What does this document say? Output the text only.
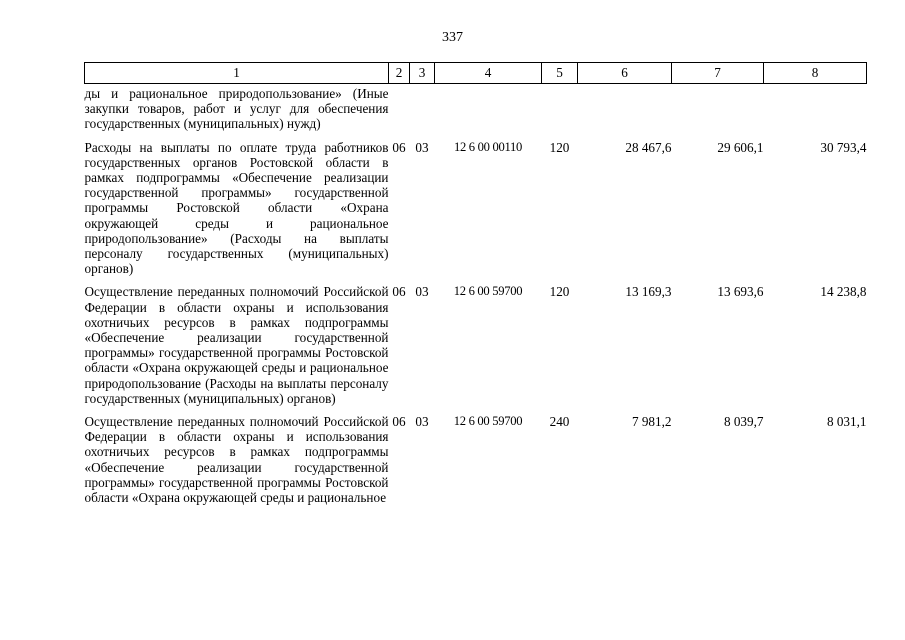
337
1	2	3	4	5	6	7	8
ды и рациональное природопользование» (Иные закупки товаров, работ и услуг для обеспечения государственных (муниципальных) нужд)							
Расходы на выплаты по оплате труда работников государственных органов Ростовской области в рамках подпрограммы «Обеспечение реализации государственной программы» государственной программы Ростовской области «Охрана окружающей среды и рациональное природопользование» (Расходы на выплаты персоналу государственных (муниципальных) органов)	06	03	12 6 00 00110	120	28 467,6	29 606,1	30 793,4
Осуществление переданных полномочий Российской Федерации в области охраны и использования охотничьих ресурсов в рамках подпрограммы «Обеспечение реализации государственной программы» государственной программы Ростовской области «Охрана окружающей среды и рациональное природопользование (Расходы на выплаты персоналу государственных (муниципальных) органов)	06	03	12 6 00 59700	120	13 169,3	13 693,6	14 238,8
Осуществление переданных полномочий Российской Федерации в области охраны и использования охотничьих ресурсов в рамках подпрограммы «Обеспечение реализации государственной программы» государственной программы Ростовской области «Охрана окружающей среды и рациональное	06	03	12 6 00 59700	240	7 981,2	8 039,7	8 031,1
